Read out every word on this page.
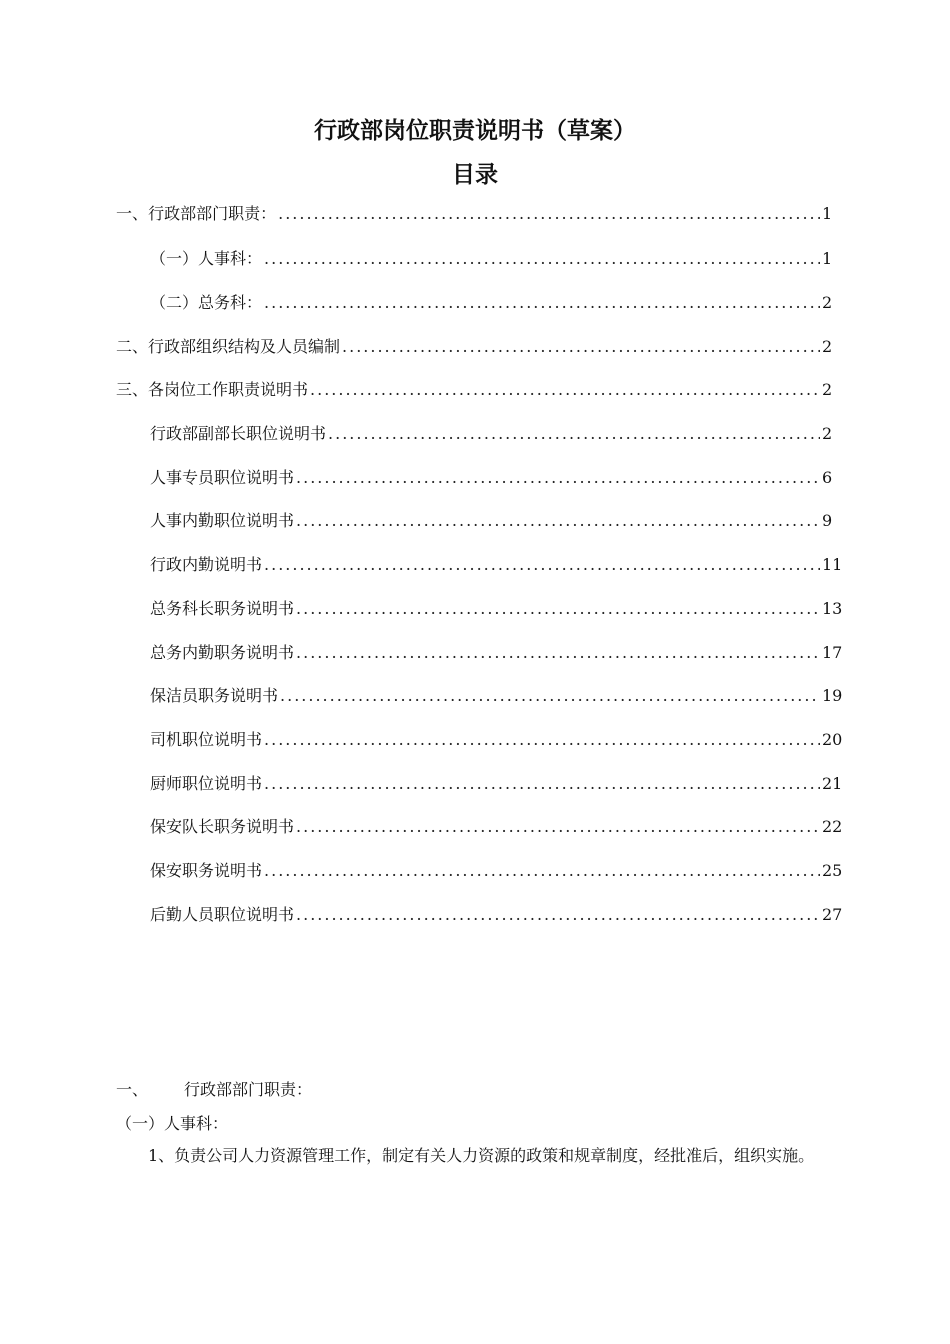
行政部岗位职责说明书（草案）
目录
一、 行政部部门职责： .....	1
（一）人事科： .....	1
（二）总务科： .....	2
二、行政部组织结构及人员编制 .....	2
三、各岗位工作职责说明书 .....	2
行政部副部长职位说明书 .....	2
人事专员职位说明书 .....	6
人事内勤职位说明书 .....	9
行政内勤说明书 .....	11
总务科长职务说明书 .....	13
总务内勤职务说明书 .....	17
保洁员职务说明书 .....	19
司机职位说明书 .....	20
厨师职位说明书 .....	21
保安队长职务说明书 .....	22
保安职务说明书 .....	25
后勤人员职位说明书 .....	27
一、 行政部部门职责：
（一）人事科：
1、负责公司人力资源管理工作，制定有关人力资源的政策和规章制度，经批准后，组织实施。
